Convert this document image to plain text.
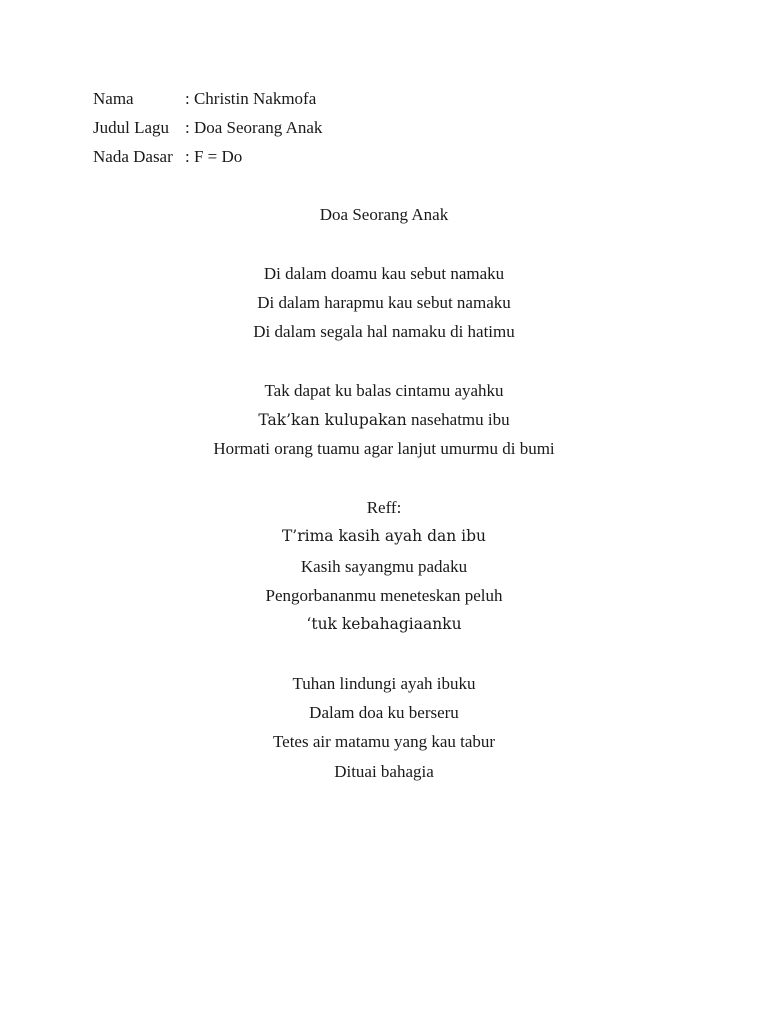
Nama	: Christin Nakmofa
Judul Lagu : Doa Seorang Anak
Nada Dasar : F = Do
Doa Seorang Anak
Di dalam doamu kau sebut namaku
Di dalam harapmu kau sebut namaku
Di dalam segala hal namaku di hatimu
Tak dapat ku balas cintamu ayahku
Tak’kan kulupakan nasehatmu ibu
Hormati orang tuamu agar lanjut umurmu di bumi
Reff:
T’rima kasih ayah dan ibu
Kasih sayangmu padaku
Pengorbananmu meneteskan peluh
‘tuk kebahagiaanku
Tuhan lindungi ayah ibuku
Dalam doa ku berseru
Tetes air matamu yang kau tabur
Dituai bahagia
